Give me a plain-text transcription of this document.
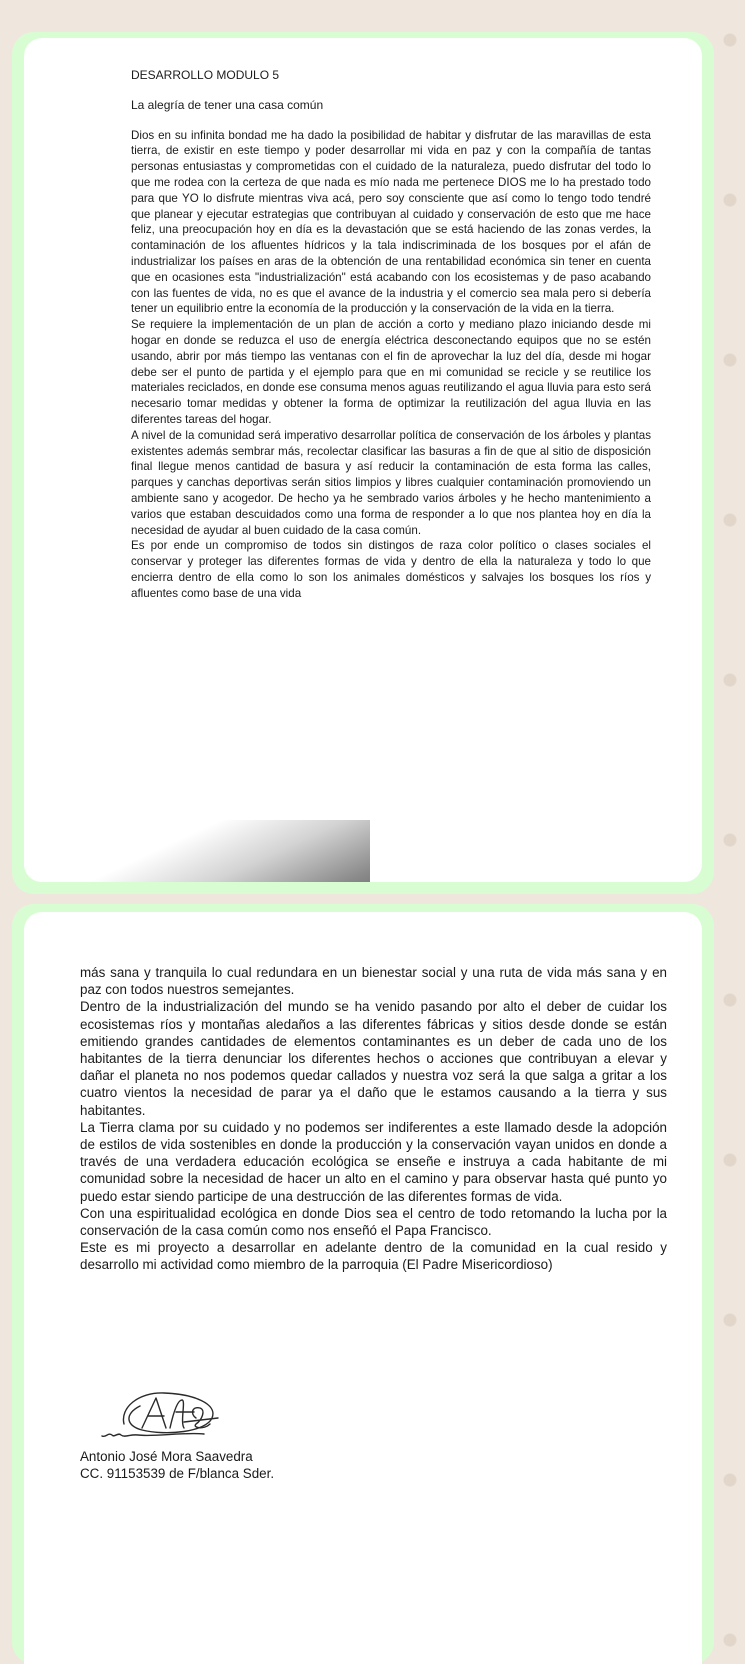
DESARROLLO MODULO 5

La alegría de tener una casa común

Dios en su infinita bondad me ha dado la posibilidad de habitar y disfrutar de las maravillas de esta tierra, de existir en este tiempo y poder desarrollar mi vida en paz y con la compañía de tantas personas entusiastas y comprometidas con el cuidado de la naturaleza, puedo disfrutar del todo lo que me rodea con la certeza de que nada es mío nada me pertenece DIOS me lo ha prestado todo para que YO lo disfrute mientras viva acá, pero soy consciente que así como lo tengo todo tendré que planear y ejecutar estrategias que contribuyan al cuidado y conservación de esto que me hace feliz, una preocupación hoy en día es la devastación que se está haciendo de las zonas verdes, la contaminación de los afluentes hídricos y la tala indiscriminada de los bosques por el afán de industrializar los países en aras de la obtención de una rentabilidad económica sin tener en cuenta que en ocasiones esta "industrialización" está acabando con los ecosistemas y de paso acabando con las fuentes de vida, no es que el avance de la industria y el comercio sea mala pero si debería tener un equilibrio entre la economía de la producción y la conservación de la vida en la tierra.

Se requiere la implementación de un plan de acción a corto y mediano plazo iniciando desde mi hogar en donde se reduzca el uso de energía eléctrica desconectando equipos que no se estén usando, abrir por más tiempo las ventanas con el fin de aprovechar la luz del día, desde mi hogar debe ser el punto de partida y el ejemplo para que en mi comunidad se recicle y se reutilice los materiales reciclados, en donde ese consuma menos aguas reutilizando el agua lluvia para esto será necesario tomar medidas y obtener la forma de optimizar la reutilización del agua lluvia en las diferentes tareas del hogar.

A nivel de la comunidad será imperativo desarrollar política de conservación de los árboles y plantas existentes además sembrar más, recolectar clasificar las basuras a fin de que al sitio de disposición final llegue menos cantidad de basura y así reducir la contaminación de esta forma las calles, parques y canchas deportivas serán sitios limpios y libres cualquier contaminación promoviendo un ambiente sano y acogedor. De hecho ya he sembrado varios árboles y he hecho mantenimiento a varios que estaban descuidados como una forma de responder a lo que nos plantea hoy en día la necesidad de ayudar al buen cuidado de la casa común.

Es por ende un compromiso de todos sin distingos de raza color político o clases sociales el conservar y proteger las diferentes formas de vida y dentro de ella la naturaleza y todo lo que encierra dentro de ella como lo son los animales domésticos y salvajes los bosques los ríos y afluentes como base de una vida

más sana y tranquila lo cual redundara en un bienestar social y una ruta de vida más sana y en paz con todos nuestros semejantes.

Dentro de la industrialización del mundo se ha venido pasando por alto el deber de cuidar los ecosistemas ríos y montañas aledaños a las diferentes fábricas y sitios desde donde se están emitiendo grandes cantidades de elementos contaminantes es un deber de cada uno de los habitantes de la tierra denunciar los diferentes hechos o acciones que contribuyan a elevar y dañar el planeta no nos podemos quedar callados y nuestra voz será la que salga a gritar a los cuatro vientos la necesidad de parar ya el daño que le estamos causando a la tierra y sus habitantes.

La Tierra clama por su cuidado y no podemos ser indiferentes a este llamado desde la adopción de estilos de vida sostenibles en donde la producción y la conservación vayan unidos en donde a través de una verdadera educación ecológica se enseñe e instruya a cada habitante de mi comunidad sobre la necesidad de hacer un alto en el camino y para observar hasta qué punto yo puedo estar siendo participe de una destrucción de las diferentes formas de vida.

Con una espiritualidad ecológica en donde Dios sea el centro de todo retomando la lucha por la conservación de la casa común como nos enseñó el Papa Francisco.

Este es mi proyecto a desarrollar en adelante dentro de la comunidad en la cual resido y desarrollo mi actividad como miembro de la parroquia (El Padre Misericordioso)

Antonio José Mora Saavedra

CC. 91153539 de F/blanca Sder.
